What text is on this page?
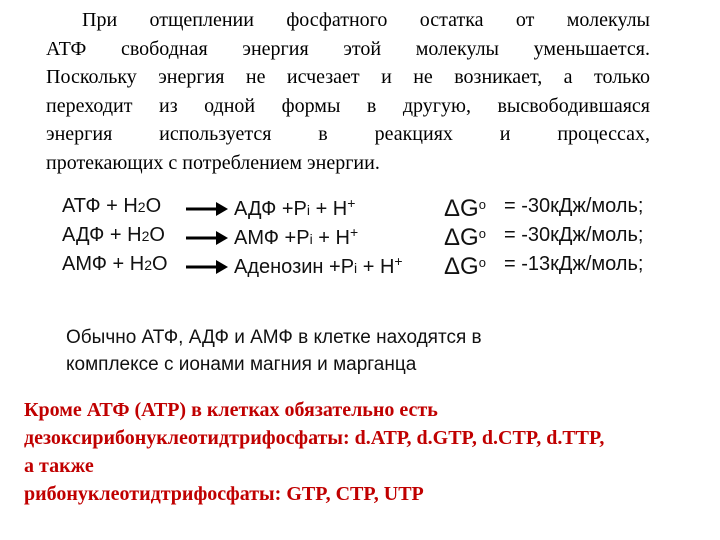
При отщеплении фосфатного остатка от молекулы
АТФ свободная энергия этой молекулы уменьшается.
Поскольку энергия не исчезает и не возникает, а только
переходит из одной формы в другую, высвободившаяся
энергия используется в реакциях и процессах,
протекающих с потреблением энергии.
АТФ + Н2О	АДФ +Рi + Н+	$\Delta G^o$ = -30кДж/моль;
АДФ + Н2О	АМФ +Рi + Н+	$\Delta G^o$ = -30кДж/моль;
АМФ + Н2О	Аденозин +Рi + Н+ $\Delta G^o$ = -13кДж/моль;
Обычно АТФ, АДФ и АМФ в клетке находятся в
комплексе с ионами магния и марганца
Кроме АТФ (АТР) в клетках обязательно есть
дезоксирибонуклеотидтрифосфаты: d.АТР, d.GTP, d.CTP, d.TTP,
а также
рибонуклеотидтрифосфаты: GTP, CTP, UTP
